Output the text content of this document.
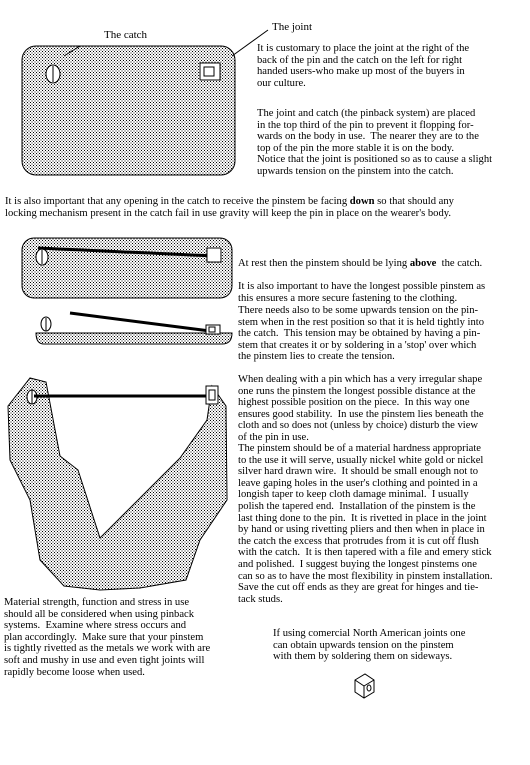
The catch
The joint
It is customary to place the joint at the right of the
back of the pin and the catch on the left for right
handed users-who make up most of the buyers in
our culture.
The joint and catch (the pinback system) are placed
in the top third of the pin to prevent it flopping for-
wards on the body in use.  The nearer they are to the
top of the pin the more stable it is on the body.
Notice that the joint is positioned so as to cause a slight
upwards tension on the pinstem into the catch.
It is also important that any opening in the catch to receive the pinstem be facing down so that should any
locking mechanism present in the catch fail in use gravity will keep the pin in place on the wearer's body.
At rest then the pinstem should be lying above  the catch.
It is also important to have the longest possible pinstem as
this ensures a more secure fastening to the clothing.
There needs also to be some upwards tension on the pin-
stem when in the rest position so that it is held tightly into
the catch.  This tension may be obtained by having a pin-
stem that creates it or by soldering in a 'stop' over which
the pinstem lies to create the tension.
When dealing with a pin which has a very irregular shape
one runs the pinstem the longest possible distance at the
highest possible position on the piece.  In this way one
ensures good stability.  In use the pinstem lies beneath the
cloth and so does not (unless by choice) disturb the view
of the pin in use.
The pinstem should be of a material hardness appropriate
to the use it will serve, usually nickel white gold or nickel
silver hard drawn wire.  It should be small enough not to
leave gaping holes in the user's clothing and pointed in a
longish taper to keep cloth damage minimal.  I usually
polish the tapered end.  Installation of the pinstem is the
last thing done to the pin.  It is rivetted in place in the joint
by hand or using rivetting pliers and then when in place in
the catch the excess that protrudes from it is cut off flush
with the catch.  It is then tapered with a file and emery stick
and polished.  I suggest buying the longest pinstems one
can so as to have the most flexibility in pinstem installation.
Save the cut off ends as they are great for hinges and tie-
tack studs.
Material strength, function and stress in use
should all be considered when using pinback
systems.  Examine where stress occurs and
plan accordingly.  Make sure that your pinstem
is tightly rivetted as the metals we work with are
soft and mushy in use and even tight joints will
rapidly become loose when used.
If using comercial North American joints one
can obtain upwards tension on the pinstem
with them by soldering them on sideways.
